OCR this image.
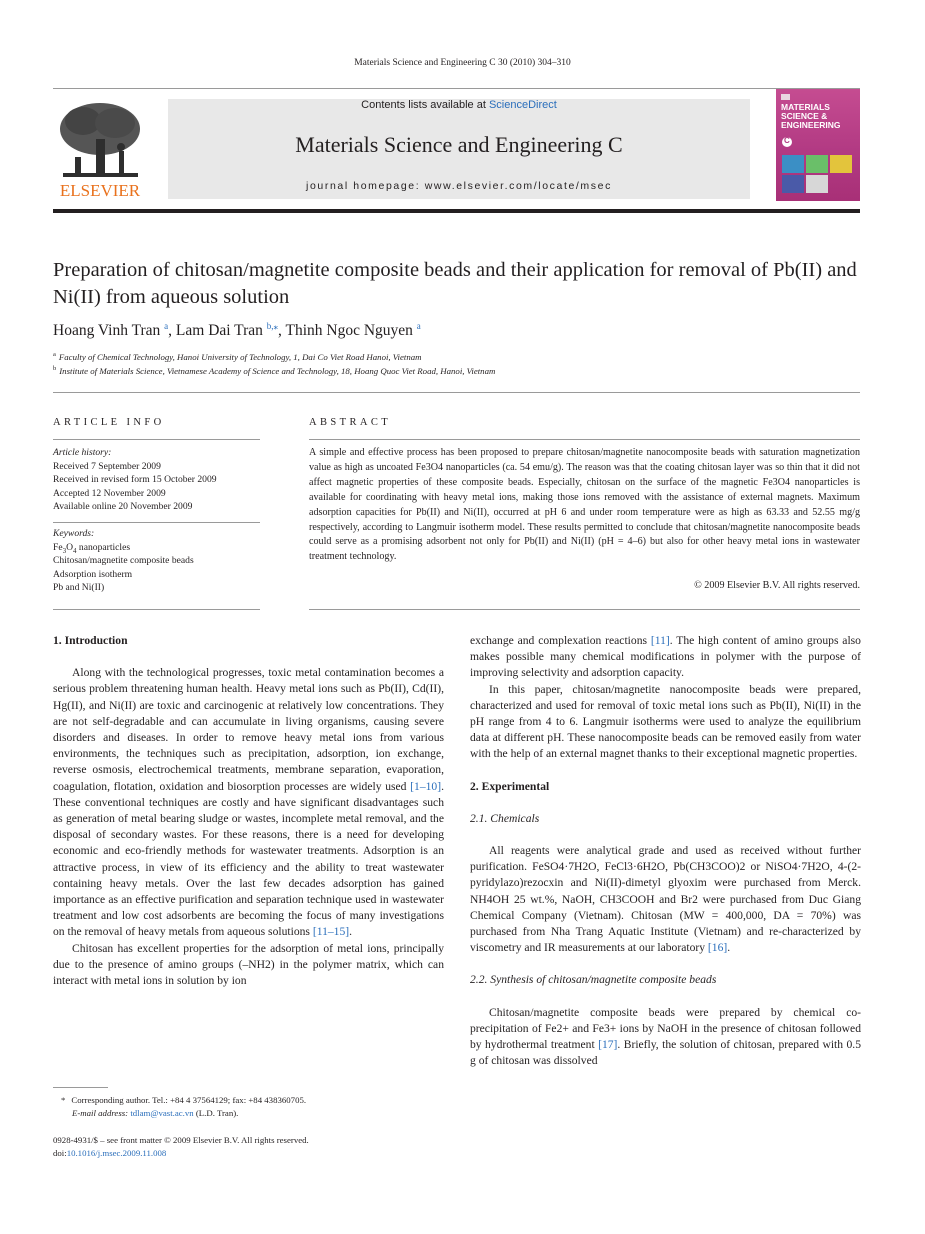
Materials Science and Engineering C 30 (2010) 304–310
ELSEVIER
Contents lists available at ScienceDirect
Materials Science and Engineering C
journal homepage: www.elsevier.com/locate/msec
MATERIALS SCIENCE & ENGINEERING
C
Preparation of chitosan/magnetite composite beads and their application for removal of Pb(II) and Ni(II) from aqueous solution
Hoang Vinh Tran $^a$, Lam Dai Tran $^{b,⁎}$, Thinh Ngoc Nguyen $^a$
$^a$ Faculty of Chemical Technology, Hanoi University of Technology, 1, Dai Co Viet Road Hanoi, Vietnam
$^b$ Institute of Materials Science, Vietnamese Academy of Science and Technology, 18, Hoang Quoc Viet Road, Hanoi, Vietnam
ARTICLE INFO
Article history:
Received 7 September 2009
Received in revised form 15 October 2009
Accepted 12 November 2009
Available online 20 November 2009
Keywords:
$Fe_3O_4$ nanoparticles
Chitosan/magnetite composite beads
Adsorption isotherm
Pb and Ni(II)
ABSTRACT
A simple and effective process has been proposed to prepare chitosan/magnetite nanocomposite beads with saturation magnetization value as high as uncoated Fe3O4 nanoparticles (ca. 54 emu/g). The reason was that the coating chitosan layer was so thin that it did not affect magnetic properties of these composite beads. Especially, chitosan on the surface of the magnetic Fe3O4 nanoparticles is available for coordinating with heavy metal ions, making those ions removed with the assistance of external magnets. Maximum adsorption capacities for Pb(II) and Ni(II), occurred at pH 6 and under room temperature were as high as 63.33 and 52.55 mg/g respectively, according to Langmuir isotherm model. These results permitted to conclude that chitosan/magnetite nanocomposite beads could serve as a promising adsorbent not only for Pb(II) and Ni(II) (pH = 4–6) but also for other heavy metal ions in wastewater treatment technology.
© 2009 Elsevier B.V. All rights reserved.

1. Introduction

Along with the technological progresses, toxic metal contamination becomes a serious problem threatening human health. Heavy metal ions such as Pb(II), Cd(II), Hg(II), and Ni(II) are toxic and carcinogenic at relatively low concentrations. They are not self-degradable and can accumulate in living organisms, causing severe disorders and diseases. In order to remove heavy metal ions from various environments, the techniques such as precipitation, adsorption, ion exchange, reverse osmosis, electrochemical treatments, membrane separation, evaporation, coagulation, flotation, oxidation and biosorption processes are widely used [1–10]. These conventional techniques are costly and have significant disadvantages such as generation of metal bearing sludge or wastes, incomplete metal removal, and the disposal of secondary wastes. For these reasons, there is a need for developing economic and eco-friendly methods for wastewater treatments. Adsorption is an attractive process, in view of its efficiency and the ability to treat wastewater containing heavy metals. Over the last few decades adsorption has gained importance as an effective purification and separation technique used in wastewater treatment and low cost adsorbents are becoming the focus of many investigations on the removal of heavy metals from aqueous solutions [11–15].

Chitosan has excellent properties for the adsorption of metal ions, principally due to the presence of amino groups (–NH2) in the polymer matrix, which can interact with metal ions in solution by ion

exchange and complexation reactions [11]. The high content of amino groups also makes possible many chemical modifications in polymer with the purpose of improving selectivity and adsorption capacity.

In this paper, chitosan/magnetite nanocomposite beads were prepared, characterized and used for removal of toxic metal ions such as Pb(II), Ni(II) in the pH range from 4 to 6. Langmuir isotherms were used to analyze the equilibrium data at different pH. These nanocomposite beads can be removed easily from water with the help of an external magnet thanks to their exceptional magnetic properties.

2. Experimental

2.1. Chemicals

All reagents were analytical grade and used as received without further purification. FeSO4·7H2O, FeCl3·6H2O, Pb(CH3COO)2 or NiSO4·7H2O, 4-(2-pyridylazo)rezocxin and Ni(II)-dimetyl glyoxim were purchased from Merck. NH4OH 25 wt.%, NaOH, CH3COOH and Br2 were purchased from Duc Giang Chemical Company (Vietnam). Chitosan (MW = 400,000, DA = 70%) was purchased from Nha Trang Aquatic Institute (Vietnam) and re-characterized by viscometry and IR measurements at our laboratory [16].

2.2. Synthesis of chitosan/magnetite composite beads

Chitosan/magnetite composite beads were prepared by chemical co-precipitation of Fe2+ and Fe3+ ions by NaOH in the presence of chitosan followed by hydrothermal treatment [17]. Briefly, the solution of chitosan, prepared with 0.5 g of chitosan was dissolved

* Corresponding author. Tel.: +84 4 37564129; fax: +84 438360705.
E-mail address: tdlam@vast.ac.vn (L.D. Tran).
0928-4931/$ – see front matter © 2009 Elsevier B.V. All rights reserved.
doi:10.1016/j.msec.2009.11.008
